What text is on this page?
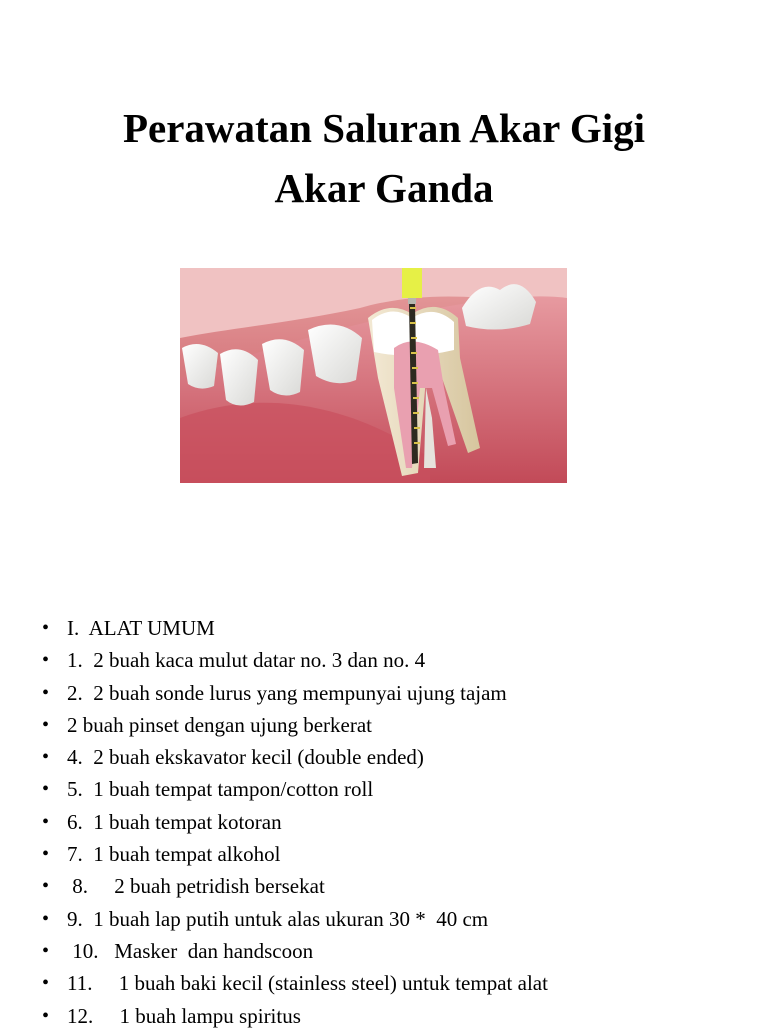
Perawatan Saluran Akar Gigi
Akar Ganda
• I.  ALAT UMUM
• 1.  2 buah kaca mulut datar no. 3 dan no. 4
• 2.  2 buah sonde lurus yang mempunyai ujung tajam
• 2 buah pinset dengan ujung berkerat
• 4.  2 buah ekskavator kecil (double ended)
• 5.  1 buah tempat tampon/cotton roll
• 6.  1 buah tempat kotoran
• 7.  1 buah tempat alkohol
• 8.     2 buah petridish bersekat
• 9.  1 buah lap putih untuk alas ukuran 30 *  40 cm
• 10.   Masker  dan handscoon
• 11.     1 buah baki kecil (stainless steel) untuk tempat alat
• 12.     1 buah lampu spiritus
